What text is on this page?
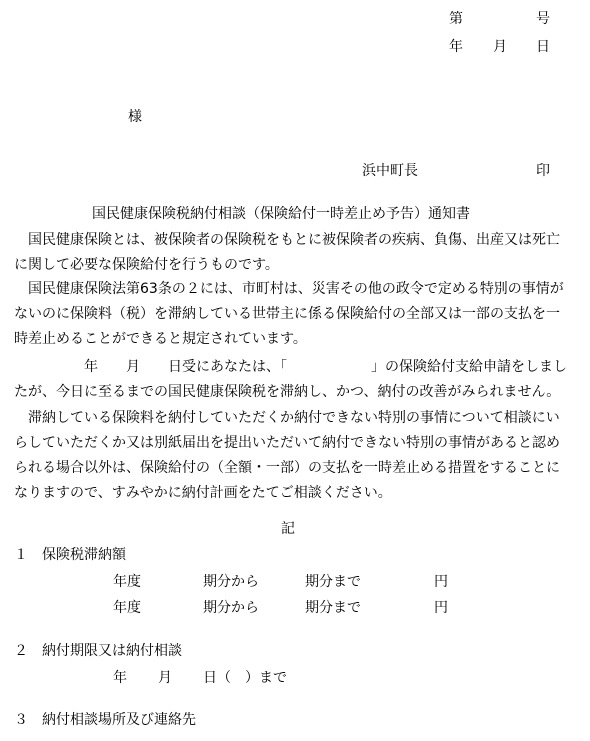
第	号
年 月 日
様
浜中町長	印
国民健康保険税納付相談（保険給付一時差止め予告）通知書
　国民健康保険とは、被保険者の保険税をもとに被保険者の疾病、負傷、出産又は死亡
に関して必要な保険給付を行うものです。
　国民健康保険法第63条の２には、市町村は、災害その他の政令で定める特別の事情が
ないのに保険料（税）を滞納している世帯主に係る保険給付の全部又は一部の支払を一
時差止めることができると規定されています。
　　　　　年　　月　　日受にあなたは、「　　　　　　」の保険給付支給申請をしまし
たが、今日に至るまでの国民健康保険税を滞納し、かつ、納付の改善がみられません。
　滞納している保険料を納付していただくか納付できない特別の事情について相談にい
らしていただくか又は別紙届出を提出いただいて納付できない特別の事情があると認め
られる場合以外は、保険給付の（全額・一部）の支払を一時差止める措置をすることに
なりますので、すみやかに納付計画をたてご相談ください。
記
１　保険税滞納額
年度	期分から	期分まで	円
年度	期分から	期分まで	円
２　納付期限又は納付相談
年 月 日（　）まで
３　納付相談場所及び連絡先
